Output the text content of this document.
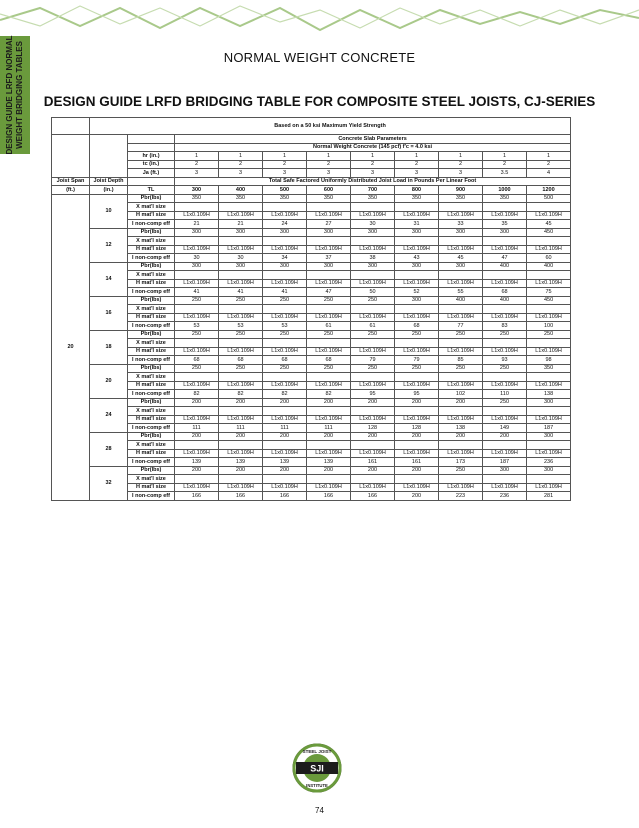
DESIGN GUIDE LRFD NORMAL WEIGHT BRIDGING TABLES	NORMAL WEIGHT CONCRETE
DESIGN GUIDE LRFD BRIDGING TABLE FOR COMPOSITE STEEL JOISTS, CJ-SERIES
	Based on a 50 ksi Maximum Yield Strength										
			Concrete Slab Parameters								
			Normal Weight Concrete (145 pcf) f'c = 4.0 ksi								
		hr (in.)	1	1	1	1	1	1	1	1	1
		tc (in.)	2	2	2	2	2	2	2	2	2
		Ja (ft.)	3	3	3	3	3	3	3	3.5	4
Joist Span	Joist Depth		Total Safe Factored Uniformly Distributed Joist Load in Pounds Per Linear Foot								
(ft.)	(in.)	TL	300	400	500	600	700	800	900	1000	1200
20	10	Pbr(lbs)	350	350	350	350	350	350	350	350	500
		X mat'l size									
		H mat'l size	L1x0.109H	L1x0.109H	L1x0.109H	L1x0.109H	L1x0.109H	L1x0.109H	L1x0.109H	L1x0.109H	L1x0.109H
		I non-comp eff	21	21	24	27	30	31	33	35	45
	12	Pbr(lbs)	300	300	300	300	300	300	300	300	450
		X mat'l size									
		H mat'l size	L1x0.109H	L1x0.109H	L1x0.109H	L1x0.109H	L1x0.109H	L1x0.109H	L1x0.109H	L1x0.109H	L1x0.109H
		I non-comp eff	30	30	34	37	38	43	45	47	60
	14	Pbr(lbs)	300	300	300	300	300	300	300	400	400
		X mat'l size									
		H mat'l size	L1x0.109H	L1x0.109H	L1x0.109H	L1x0.109H	L1x0.109H	L1x0.109H	L1x0.109H	L1x0.109H	L1x0.109H
		I non-comp eff	41	41	41	47	50	52	55	68	75
	16	Pbr(lbs)	250	250	250	250	250	300	400	400	450
		X mat'l size									
		H mat'l size	L1x0.109H	L1x0.109H	L1x0.109H	L1x0.109H	L1x0.109H	L1x0.109H	L1x0.109H	L1x0.109H	L1x0.109H
		I non-comp eff	53	53	53	61	61	68	77	83	100
	18	Pbr(lbs)	250	250	250	250	250	250	250	250	250
		X mat'l size									
		H mat'l size	L1x0.109H	L1x0.109H	L1x0.109H	L1x0.109H	L1x0.109H	L1x0.109H	L1x0.109H	L1x0.109H	L1x0.109H
		I non-comp eff	68	68	68	68	79	79	85	93	98
	20	Pbr(lbs)	250	250	250	250	250	250	250	250	350
		X mat'l size									
		H mat'l size	L1x0.109H	L1x0.109H	L1x0.109H	L1x0.109H	L1x0.109H	L1x0.109H	L1x0.109H	L1x0.109H	L1x0.109H
		I non-comp eff	82	82	82	82	95	95	102	110	138
	24	Pbr(lbs)	200	200	200	200	200	200	200	250	300
		X mat'l size									
		H mat'l size	L1x0.109H	L1x0.109H	L1x0.109H	L1x0.109H	L1x0.109H	L1x0.109H	L1x0.109H	L1x0.109H	L1x0.109H
		I non-comp eff	111	111	111	111	128	128	138	149	187
	28	Pbr(lbs)	200	200	200	200	200	200	200	200	300
		X mat'l size									
		H mat'l size	L1x0.109H	L1x0.109H	L1x0.109H	L1x0.109H	L1x0.109H	L1x0.109H	L1x0.109H	L1x0.109H	L1x0.109H
		I non-comp eff	139	139	139	139	161	161	173	187	236
	32	Pbr(lbs)	200	200	200	200	200	200	250	300	300
		X mat'l size									
		H mat'l size	L1x0.109H	L1x0.109H	L1x0.109H	L1x0.109H	L1x0.109H	L1x0.109H	L1x0.109H	L1x0.109H	L1x0.109H
		I non-comp eff	166	166	166	166	166	200	223	236	281
SJI
STEEL JOIST
INSTITUTE
74
